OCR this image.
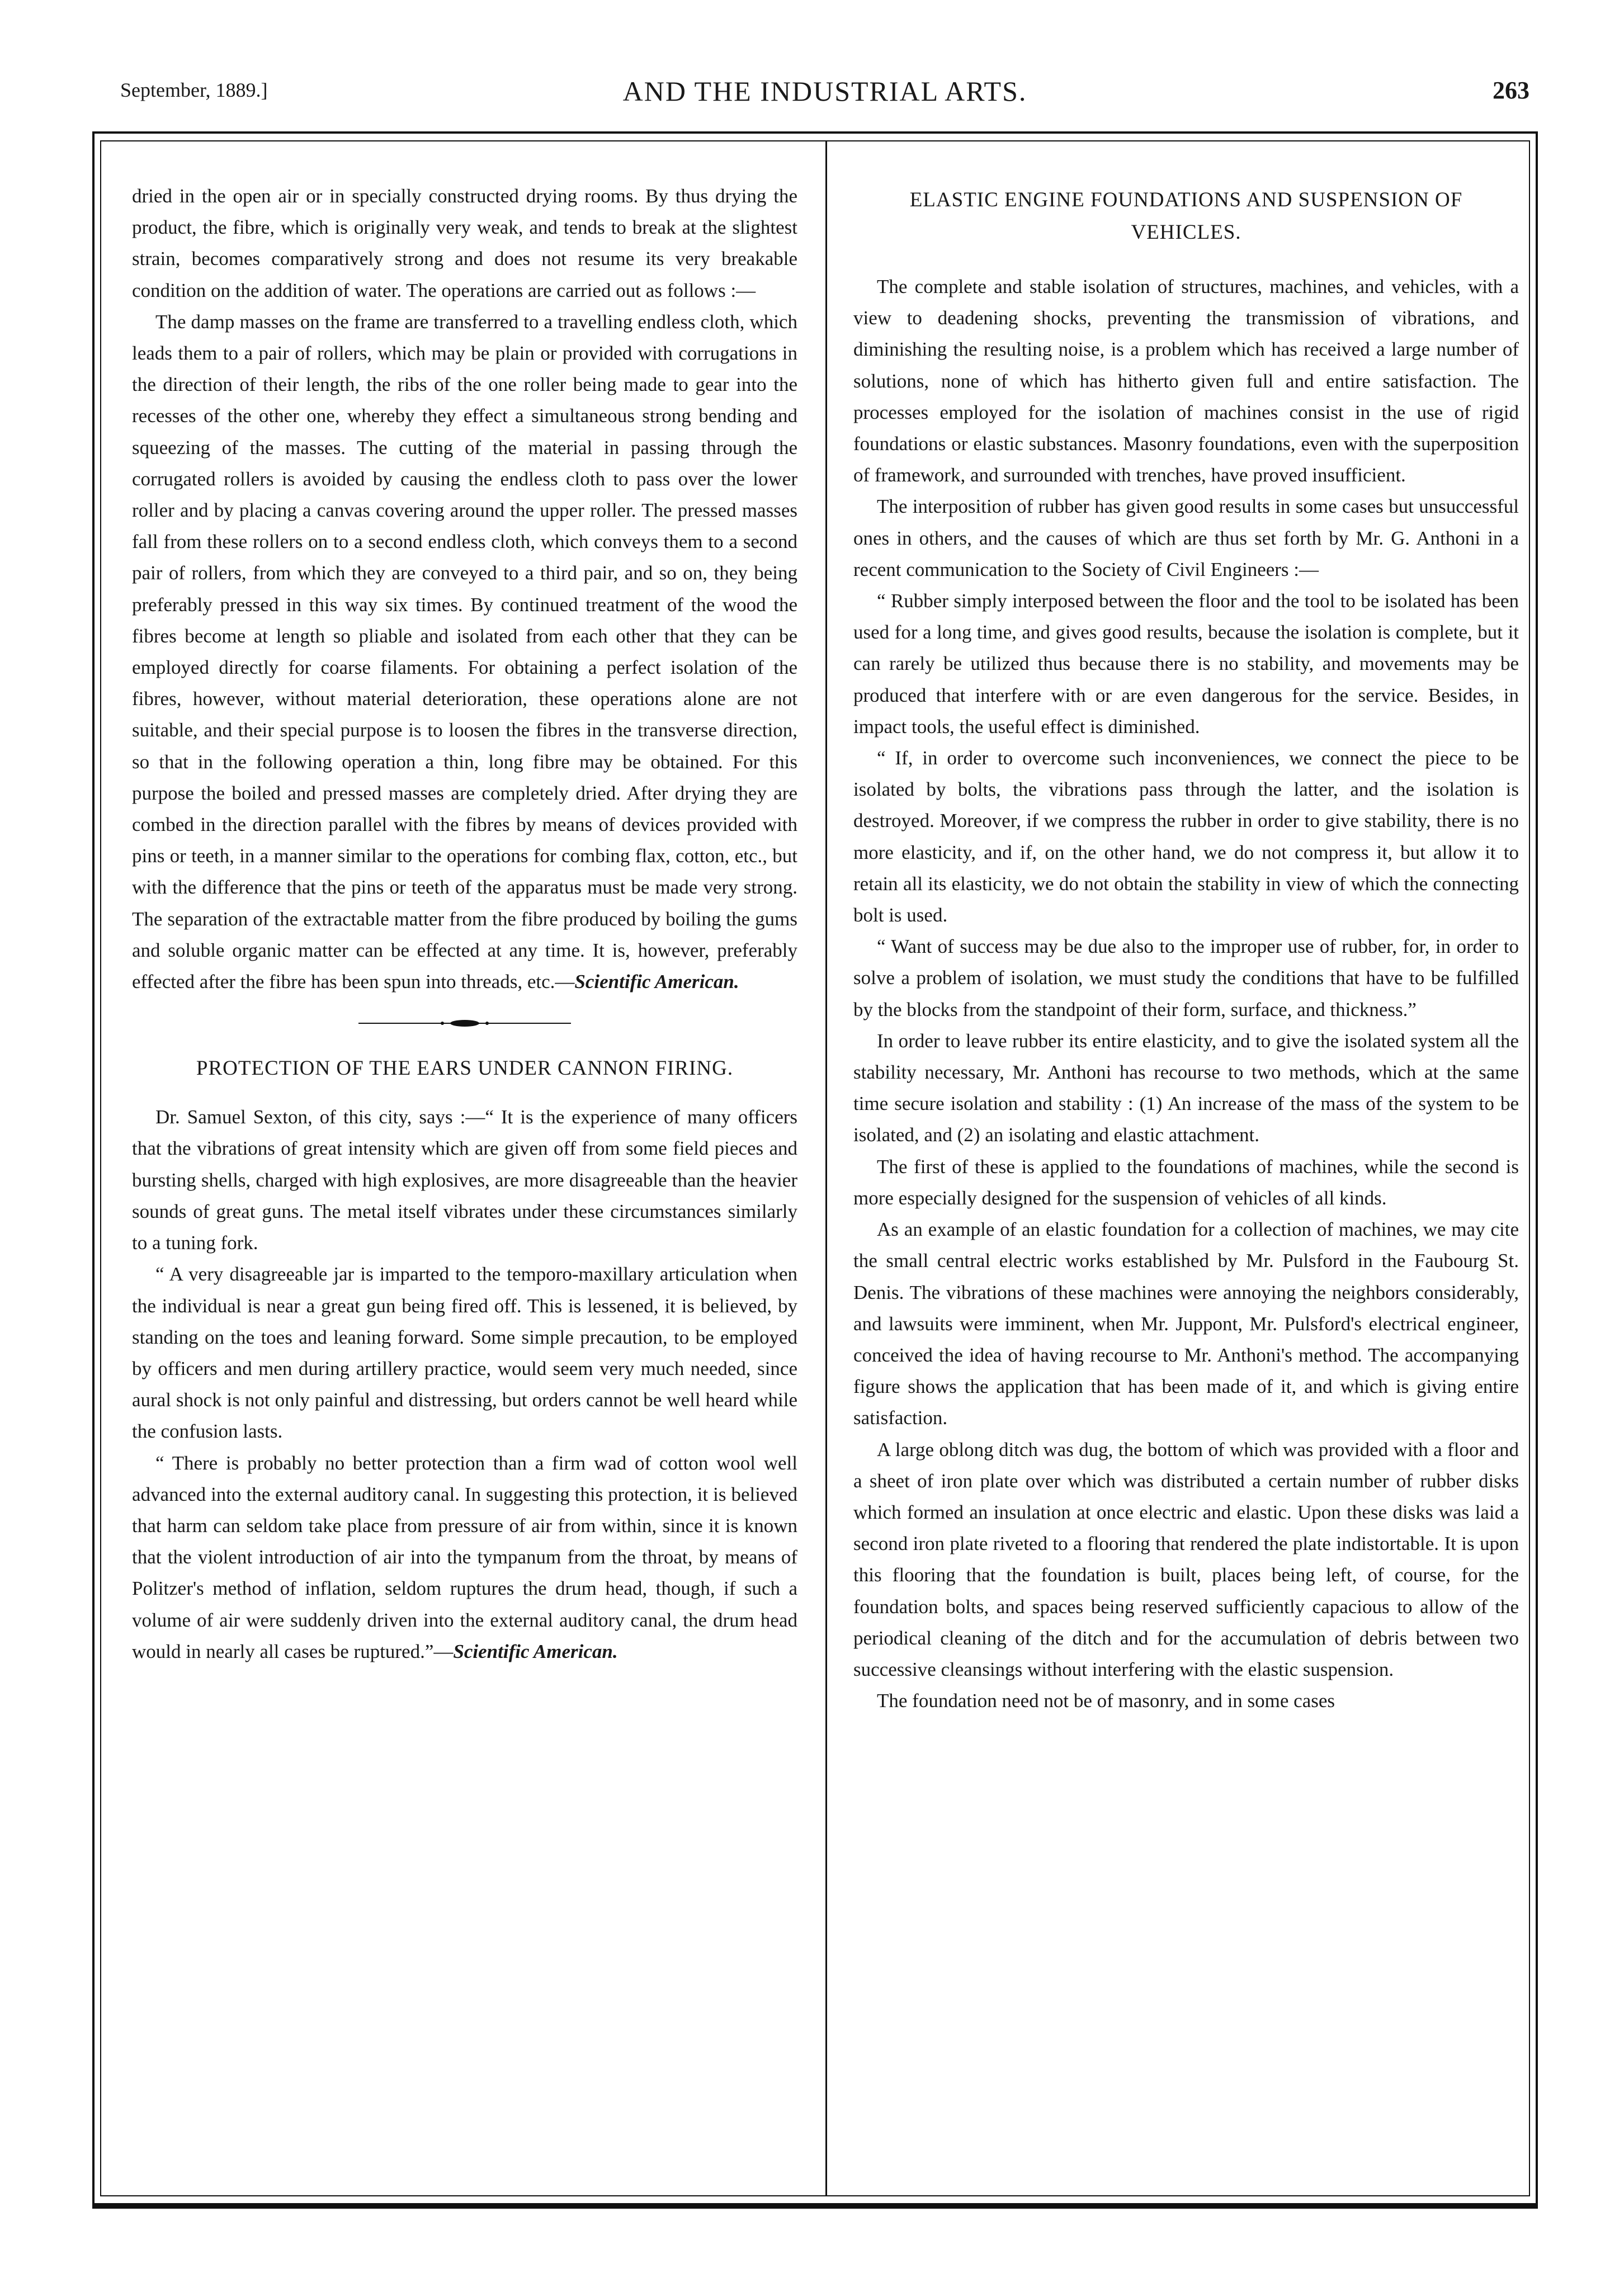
September, 1889.]	AND THE INDUSTRIAL ARTS.	263

dried in the open air or in specially constructed drying rooms. By thus drying the product, the fibre, which is originally very weak, and tends to break at the slightest strain, becomes comparatively strong and does not resume its very breakable condition on the addition of water. The operations are carried out as follows :—

The damp masses on the frame are transferred to a travelling endless cloth, which leads them to a pair of rollers, which may be plain or provided with corrugations in the direction of their length, the ribs of the one roller being made to gear into the recesses of the other one, whereby they effect a simultaneous strong bending and squeezing of the masses. The cutting of the material in passing through the corrugated rollers is avoided by causing the endless cloth to pass over the lower roller and by placing a canvas covering around the upper roller. The pressed masses fall from these rollers on to a second endless cloth, which conveys them to a second pair of rollers, from which they are conveyed to a third pair, and so on, they being preferably pressed in this way six times. By continued treatment of the wood the fibres become at length so pliable and isolated from each other that they can be employed directly for coarse filaments. For obtaining a perfect isolation of the fibres, however, without material deterioration, these operations alone are not suitable, and their special purpose is to loosen the fibres in the transverse direction, so that in the following operation a thin, long fibre may be obtained. For this purpose the boiled and pressed masses are completely dried. After drying they are combed in the direction parallel with the fibres by means of devices provided with pins or teeth, in a manner similar to the operations for combing flax, cotton, etc., but with the difference that the pins or teeth of the apparatus must be made very strong. The separation of the extractable matter from the fibre produced by boiling the gums and soluble organic matter can be effected at any time. It is, however, preferably effected after the fibre has been spun into threads, etc.—Scientific American.

PROTECTION OF THE EARS UNDER CANNON FIRING.

Dr. Samuel Sexton, of this city, says :—“ It is the experience of many officers that the vibrations of great intensity which are given off from some field pieces and bursting shells, charged with high explosives, are more disagreeable than the heavier sounds of great guns. The metal itself vibrates under these circumstances similarly to a tuning fork.

“ A very disagreeable jar is imparted to the temporo-maxillary articulation when the individual is near a great gun being fired off. This is lessened, it is believed, by standing on the toes and leaning forward. Some simple precaution, to be employed by officers and men during artillery practice, would seem very much needed, since aural shock is not only painful and distressing, but orders cannot be well heard while the confusion lasts.

“ There is probably no better protection than a firm wad of cotton wool well advanced into the external auditory canal. In suggesting this protection, it is believed that harm can seldom take place from pressure of air from within, since it is known that the violent introduction of air into the tympanum from the throat, by means of Politzer's method of inflation, seldom ruptures the drum head, though, if such a volume of air were suddenly driven into the external auditory canal, the drum head would in nearly all cases be ruptured.”—Scientific American.

ELASTIC ENGINE FOUNDATIONS AND SUSPENSION OF VEHICLES.

The complete and stable isolation of structures, machines, and vehicles, with a view to deadening shocks, preventing the transmission of vibrations, and diminishing the resulting noise, is a problem which has received a large number of solutions, none of which has hitherto given full and entire satisfaction. The processes employed for the isolation of machines consist in the use of rigid foundations or elastic substances. Masonry foundations, even with the superposition of framework, and surrounded with trenches, have proved insufficient.

The interposition of rubber has given good results in some cases but unsuccessful ones in others, and the causes of which are thus set forth by Mr. G. Anthoni in a recent communication to the Society of Civil Engineers :—

“ Rubber simply interposed between the floor and the tool to be isolated has been used for a long time, and gives good results, because the isolation is complete, but it can rarely be utilized thus because there is no stability, and movements may be produced that interfere with or are even dangerous for the service. Besides, in impact tools, the useful effect is diminished.

“ If, in order to overcome such inconveniences, we connect the piece to be isolated by bolts, the vibrations pass through the latter, and the isolation is destroyed. Moreover, if we compress the rubber in order to give stability, there is no more elasticity, and if, on the other hand, we do not compress it, but allow it to retain all its elasticity, we do not obtain the stability in view of which the connecting bolt is used.

“ Want of success may be due also to the improper use of rubber, for, in order to solve a problem of isolation, we must study the conditions that have to be fulfilled by the blocks from the standpoint of their form, surface, and thickness.”

In order to leave rubber its entire elasticity, and to give the isolated system all the stability necessary, Mr. Anthoni has recourse to two methods, which at the same time secure isolation and stability : (1) An increase of the mass of the system to be isolated, and (2) an isolating and elastic attachment.

The first of these is applied to the foundations of machines, while the second is more especially designed for the suspension of vehicles of all kinds.

As an example of an elastic foundation for a collection of machines, we may cite the small central electric works established by Mr. Pulsford in the Faubourg St. Denis. The vibrations of these machines were annoying the neighbors considerably, and lawsuits were imminent, when Mr. Juppont, Mr. Pulsford's electrical engineer, conceived the idea of having recourse to Mr. Anthoni's method. The accompanying figure shows the application that has been made of it, and which is giving entire satisfaction.

A large oblong ditch was dug, the bottom of which was provided with a floor and a sheet of iron plate over which was distributed a certain number of rubber disks which formed an insulation at once electric and elastic. Upon these disks was laid a second iron plate riveted to a flooring that rendered the plate indistortable. It is upon this flooring that the foundation is built, places being left, of course, for the foundation bolts, and spaces being reserved sufficiently capacious to allow of the periodical cleaning of the ditch and for the accumulation of debris between two successive cleansings without interfering with the elastic suspension.

The foundation need not be of masonry, and in some cases
